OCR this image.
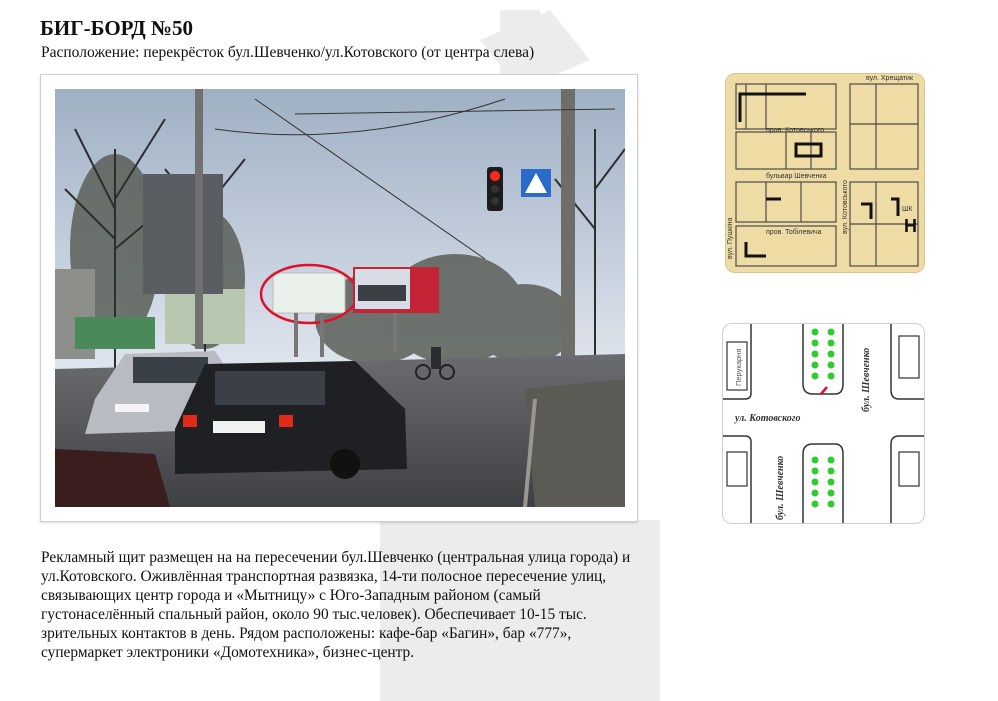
БИГ-БОРД №50

Расположение: перекрёсток бул.Шевченко/ул.Котовского (от центра слева)

вул. Хрещатик
пров. Котовського
бульвар Шевченка
пров. Тобілевича
вул. Пушкіна
вул. Котовського	ШК
H
Перукарня
ул. Котовского
бул. Шевченко
бул. Шевченко

Рекламный щит размещен на на пересечении бул.Шевченко (центральная улица города) и ул.Котовского. Оживлённая транспортная развязка, 14-ти полосное пересечение улиц, связывающих центр города и «Мытницу» с Юго-Западным районом (самый густонаселённый спальный район, около 90 тыс.человек). Обеспечивает 10-15 тыс. зрительных контактов в день. Рядом расположены: кафе-бар «Багин», бар «777», супермаркет электроники «Домотехника», бизнес-центр.
